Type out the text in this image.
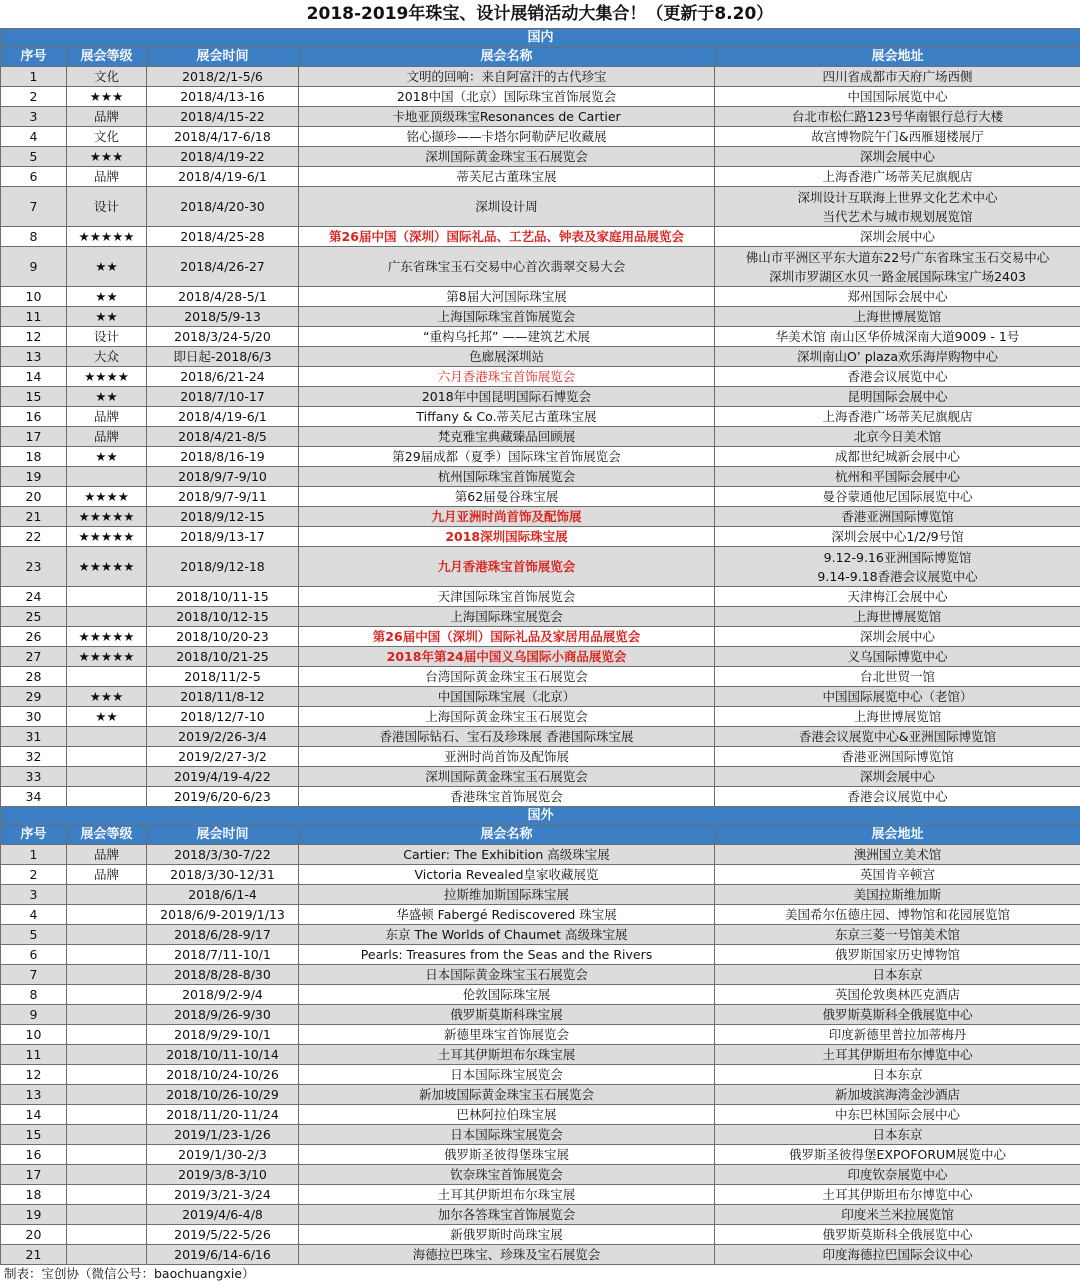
2018-2019年珠宝、设计展销活动大集合！（更新于8.20）
国内				
序号	展会等级	展会时间	展会名称	展会地址
1	文化	2018/2/1-5/6	文明的回响：来自阿富汗的古代珍宝	四川省成都市天府广场西侧

2	★★★	2018/4/13-16	2018中国（北京）国际珠宝首饰展览会	中国国际展览中心

3	品牌	2018/4/15-22	卡地亚顶级珠宝Resonances de Cartier	台北市松仁路123号华南银行总行大楼

4	文化	2018/4/17-6/18	铭心撷珍——卡塔尔阿勒萨尼收藏展	故宫博物院午门&西雁翅楼展厅

5	★★★	2018/4/19-22	深圳国际黄金珠宝玉石展览会	深圳会展中心

6	品牌	2018/4/19-6/1	蒂芙尼古董珠宝展	上海香港广场蒂芙尼旗舰店

7	设计	2018/4/20-30	深圳设计周	深圳设计互联海上世界文化艺术中心
当代艺术与城市规划展览馆

8	★★★★★	2018/4/25-28	第26届中国（深圳）国际礼品、工艺品、钟表及家庭用品展览会	深圳会展中心

9	★★	2018/4/26-27	广东省珠宝玉石交易中心首次翡翠交易大会	佛山市平洲区平东大道东22号广东省珠宝玉石交易中心
深圳市罗湖区水贝一路金展国际珠宝广场2403

10	★★	2018/4/28-5/1	第8届大河国际珠宝展	郑州国际会展中心

11	★★	2018/5/9-13	上海国际珠宝首饰展览会	上海世博展览馆

12	设计	2018/3/24-5/20	“重构乌托邦” ——建筑艺术展	华美术馆 南山区华侨城深南大道9009 - 1号

13	大众	即日起-2018/6/3	色廊展深圳站	深圳南山O’ plaza欢乐海岸购物中心

14	★★★★	2018/6/21-24	六月香港珠宝首饰展览会	香港会议展览中心

15	★★	2018/7/10-17	2018年中国昆明国际石博览会	昆明国际会展中心

16	品牌	2018/4/19-6/1	Tiffany & Co.蒂芙尼古董珠宝展	上海香港广场蒂芙尼旗舰店

17	品牌	2018/4/21-8/5	梵克雅宝典藏臻品回顾展	北京今日美术馆

18	★★	2018/8/16-19	第29届成都（夏季）国际珠宝首饰展览会	成都世纪城新会展中心

19		2018/9/7-9/10	杭州国际珠宝首饰展览会	杭州和平国际会展中心

20	★★★★	2018/9/7-9/11	第62届曼谷珠宝展	曼谷蒙通他尼国际展览中心

21	★★★★★	2018/9/12-15	九月亚洲时尚首饰及配饰展	香港亚洲国际博览馆

22	★★★★★	2018/9/13-17	2018深圳国际珠宝展	深圳会展中心1/2/9号馆

23	★★★★★	2018/9/12-18	九月香港珠宝首饰展览会	9.12-9.16亚洲国际博览馆
9.14-9.18香港会议展览中心

24		2018/10/11-15	天津国际珠宝首饰展览会	天津梅江会展中心

25		2018/10/12-15	上海国际珠宝展览会	上海世博展览馆

26	★★★★★	2018/10/20-23	第26届中国（深圳）国际礼品及家居用品展览会	深圳会展中心

27	★★★★★	2018/10/21-25	2018年第24届中国义乌国际小商品展览会	义乌国际博览中心

28		2018/11/2-5	台湾国际黄金珠宝玉石展览会	台北世贸一馆

29	★★★	2018/11/8-12	中国国际珠宝展（北京）	中国国际展览中心（老馆）

30	★★	2018/12/7-10	上海国际黄金珠宝玉石展览会	上海世博展览馆

31		2019/2/26-3/4	香港国际钻石、宝石及珍珠展 香港国际珠宝展	香港会议展览中心&亚洲国际博览馆

32		2019/2/27-3/2	亚洲时尚首饰及配饰展	香港亚洲国际博览馆

33		2019/4/19-4/22	深圳国际黄金珠宝玉石展览会	深圳会展中心

34		2019/6/20-6/23	香港珠宝首饰展览会	香港会议展览中心

国外				
序号	展会等级	展会时间	展会名称	展会地址
1	品牌	2018/3/30-7/22	Cartier: The Exhibition 高级珠宝展	澳洲国立美术馆

2	品牌	2018/3/30-12/31	Victoria Revealed皇家收藏展览	英国肯辛顿宫

3		2018/6/1-4	拉斯维加斯国际珠宝展	美国拉斯维加斯

4		2018/6/9-2019/1/13	华盛顿 Fabergé Rediscovered 珠宝展	美国希尔伍德庄园、博物馆和花园展览馆

5		2018/6/28-9/17	东京 The Worlds of Chaumet 高级珠宝展	东京三菱一号馆美术馆

6		2018/7/11-10/1	Pearls: Treasures from the Seas and the Rivers	俄罗斯国家历史博物馆

7		2018/8/28-8/30	日本国际黄金珠宝玉石展览会	日本东京

8		2018/9/2-9/4	伦敦国际珠宝展	英国伦敦奥林匹克酒店

9		2018/9/26-9/30	俄罗斯莫斯科珠宝展	俄罗斯莫斯科全俄展览中心

10		2018/9/29-10/1	新德里珠宝首饰展览会	印度新德里普拉加蒂梅丹

11		2018/10/11-10/14	土耳其伊斯坦布尔珠宝展	土耳其伊斯坦布尔博览中心

12		2018/10/24-10/26	日本国际珠宝展览会	日本东京

13		2018/10/26-10/29	新加坡国际黄金珠宝玉石展览会	新加坡滨海湾金沙酒店

14		2018/11/20-11/24	巴林阿拉伯珠宝展	中东巴林国际会展中心

15		2019/1/23-1/26	日本国际珠宝展览会	日本东京

16		2019/1/30-2/3	俄罗斯圣彼得堡珠宝展	俄罗斯圣彼得堡EXPOFORUM展览中心

17		2019/3/8-3/10	钦奈珠宝首饰展览会	印度钦奈展览中心

18		2019/3/21-3/24	土耳其伊斯坦布尔珠宝展	土耳其伊斯坦布尔博览中心

19		2019/4/6-4/8	加尔各答珠宝首饰展览会	印度米兰米拉展览馆

20		2019/5/22-5/26	新俄罗斯时尚珠宝展	俄罗斯莫斯科全俄展览中心

21		2019/6/14-6/16	海德拉巴珠宝、珍珠及宝石展览会	印度海德拉巴国际会议中心
制表：宝创协（微信公号：baochuangxie）
